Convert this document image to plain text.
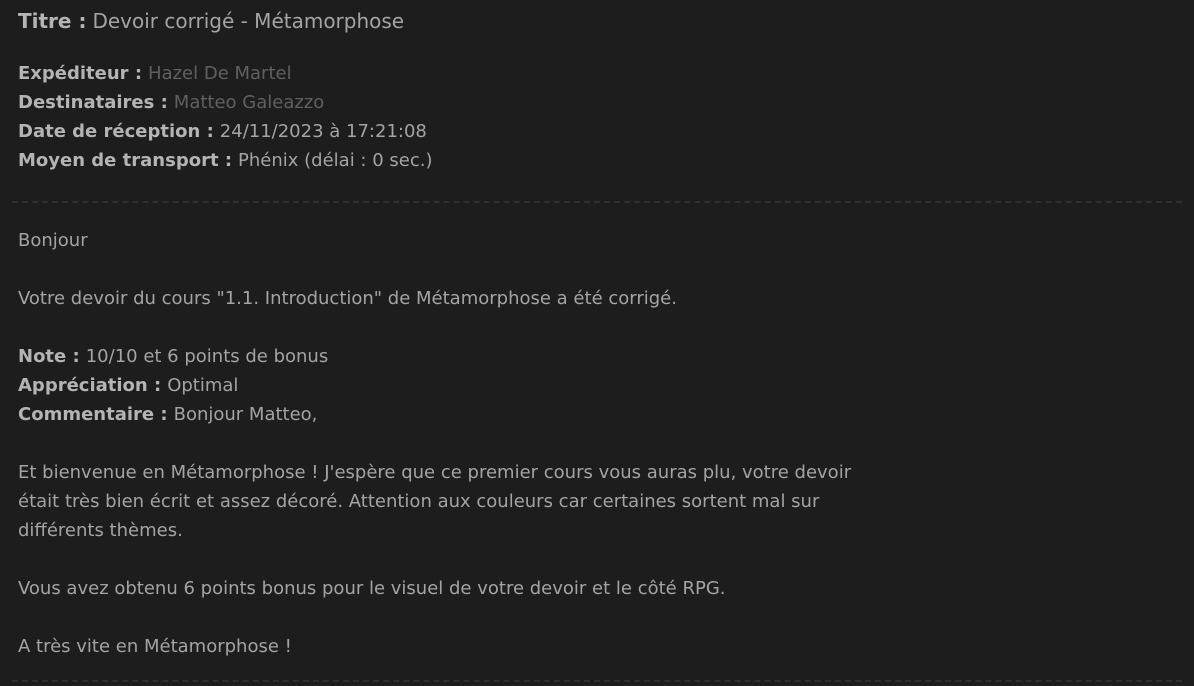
Titre : Devoir corrigé - Métamorphose
Expéditeur : Hazel De Martel
Destinataires : Matteo Galeazzo
Date de réception : 24/11/2023 à 17:21:08
Moyen de transport : Phénix (délai : 0 sec.)
Bonjour
Votre devoir du cours "1.1. Introduction" de Métamorphose a été corrigé.
Note : 10/10 et 6 points de bonus
Appréciation : Optimal
Commentaire : Bonjour Matteo,
Et bienvenue en Métamorphose ! J'espère que ce premier cours vous auras plu, votre devoir
était très bien écrit et assez décoré. Attention aux couleurs car certaines sortent mal sur
différents thèmes.
Vous avez obtenu 6 points bonus pour le visuel de votre devoir et le côté RPG.
A très vite en Métamorphose !
